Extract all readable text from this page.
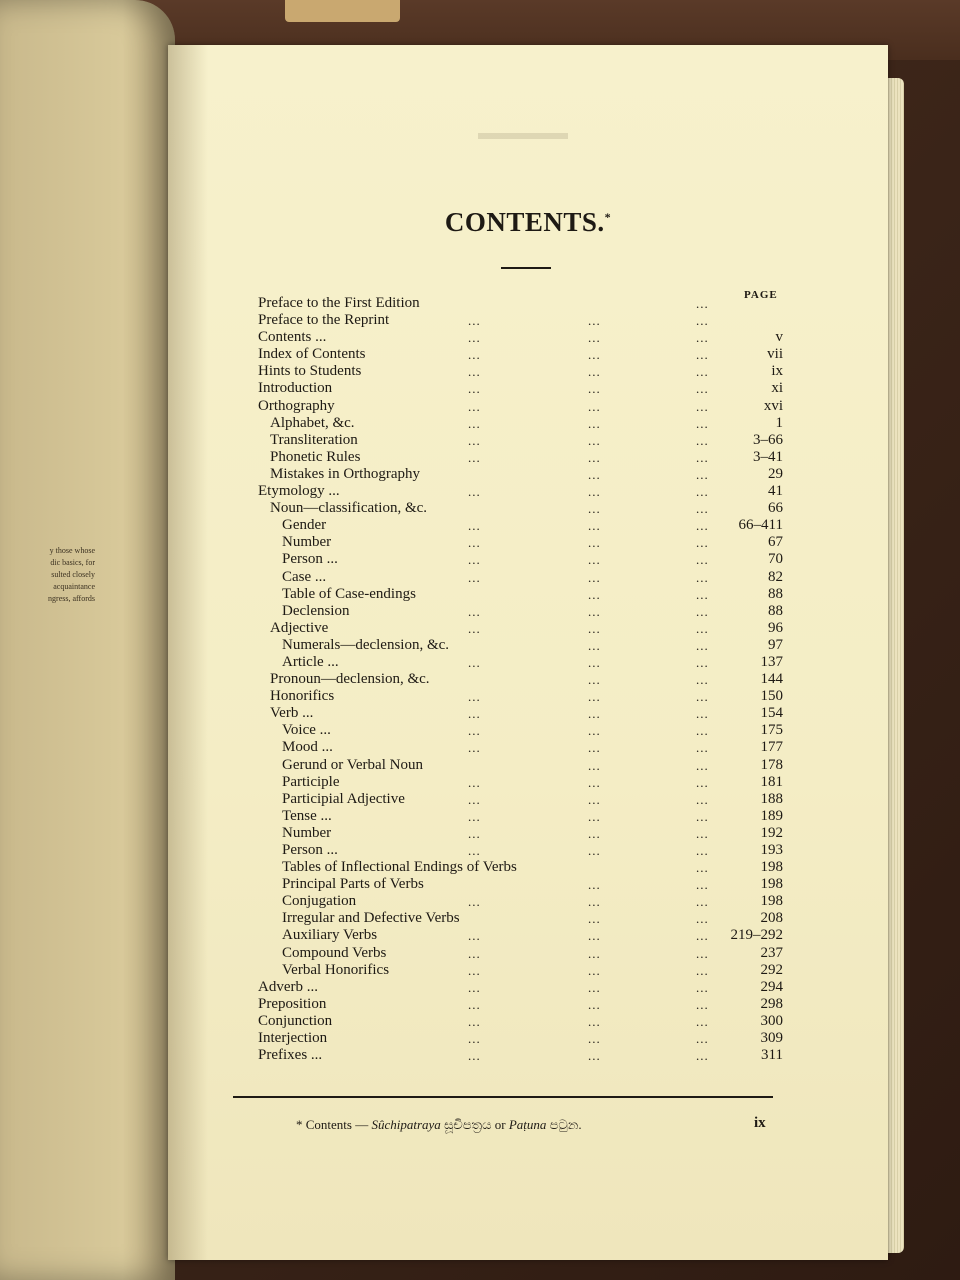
y those whose
dic basics, for
sulted closely
acquaintance
ngress, affords
CONTENTS.*
PAGE
Preface to the First Edition	...
Preface to the Reprint	...	...	...
Contents ...	...	...	...	v
Index of Contents	...	...	...	vii
Hints to Students	...	...	...	ix
Introduction	...	...	...	xi
Orthography	...	...	...	xvi
Alphabet, &c.	...	...	...	1
Transliteration	...	...	...	3–66
Phonetic Rules	...	...	...	3–41
Mistakes in Orthography	...	...	29
Etymology ...	...	...	...	41
Noun—classification, &c.	...	...	66
Gender	...	...	... 66–411
Number	...	...	...	67
Person ...	...	...	...	70
Case ...	...	...	...	82
Table of Case-endings	...	...	88
Declension	...	...	...	88
Adjective	...	...	...	96
Numerals—declension, &c.	...	...	97
Article ...	...	...	...	137
Pronoun—declension, &c.	...	...	144
Honorifics	...	...	...	150
Verb ...	...	...	...	154
Voice ...	...	...	...	175
Mood ...	...	...	...	177
Gerund or Verbal Noun	...	...	178
Participle	...	...	...	181
Participial Adjective	...	...	...	188
Tense ...	...	...	...	189
Number	...	...	...	192
Person ...	...	...	...	193
Tables of Inflectional Endings of Verbs	...	198
Principal Parts of Verbs	...	...	198
Conjugation	...	...	...	198
Irregular and Defective Verbs	...	...	208
Auxiliary Verbs	...	...	... 219–292
Compound Verbs	...	...	...	237
Verbal Honorifics	...	...	...	292
Adverb ...	...	...	...	294
Preposition	...	...	...	298
Conjunction	...	...	...	300
Interjection	...	...	...	309
Prefixes ...	...	...	...	311
* Contents — Sûchipatraya සූචිපත්‍රය or Paṭuna පටුන.	ix
